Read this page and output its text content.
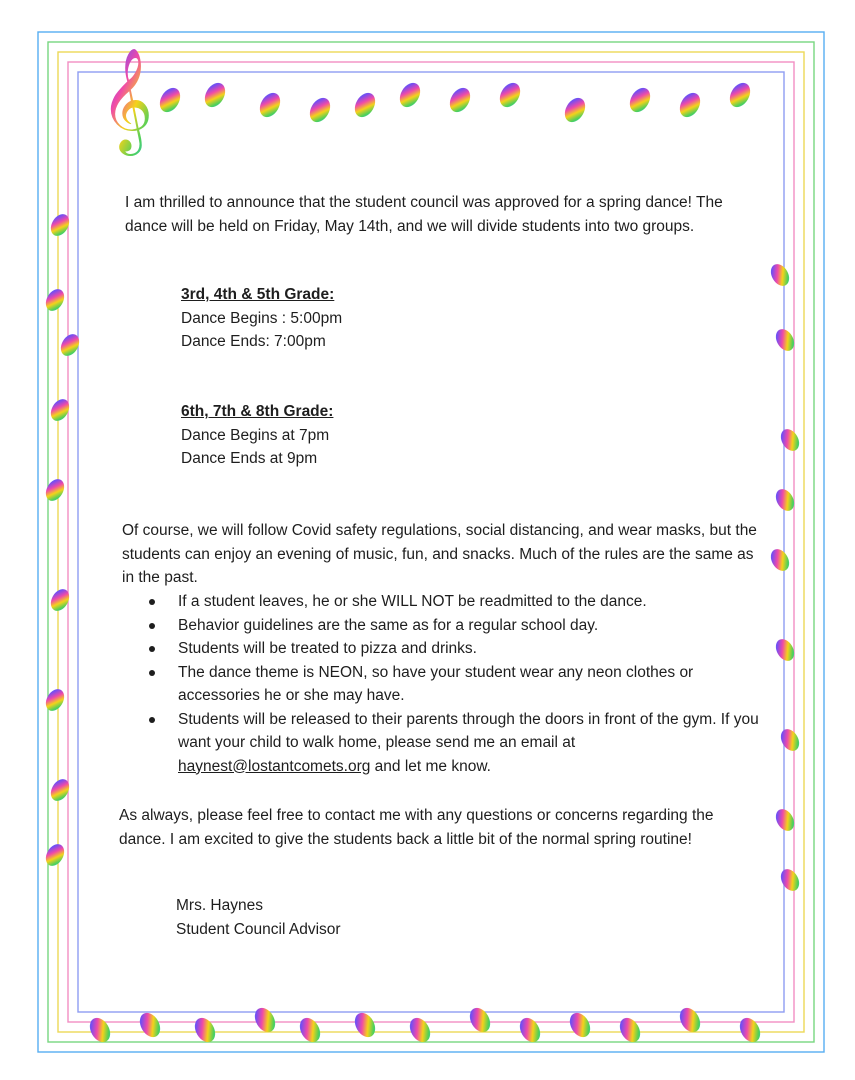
𝄞

I am thrilled to announce that the student council was approved for a spring dance! The dance will be held on Friday, May 14th, and we will divide students into two groups.

3rd, 4th & 5th Grade:
Dance Begins : 5:00pm
Dance Ends: 7:00pm
6th, 7th & 8th Grade:
Dance Begins at 7pm
Dance Ends at 9pm

Of course, we will follow Covid safety regulations, social distancing, and wear masks, but the students can enjoy an evening of music, fun, and snacks. Much of the rules are the same as in the past.

If a student leaves, he or she WILL NOT be readmitted to the dance.
Behavior guidelines are the same as for a regular school day.
Students will be treated to pizza and drinks.
The dance theme is NEON, so have your student wear any neon clothes or accessories he or she may have.
Students will be released to their parents through the doors in front of the gym. If you want your child to walk home, please send me an email at haynest@lostantcomets.org and let me know.

As always, please feel free to contact me with any questions or concerns regarding the dance. I am excited to give the students back a little bit of the normal spring routine!

Mrs. Haynes
Student Council Advisor
